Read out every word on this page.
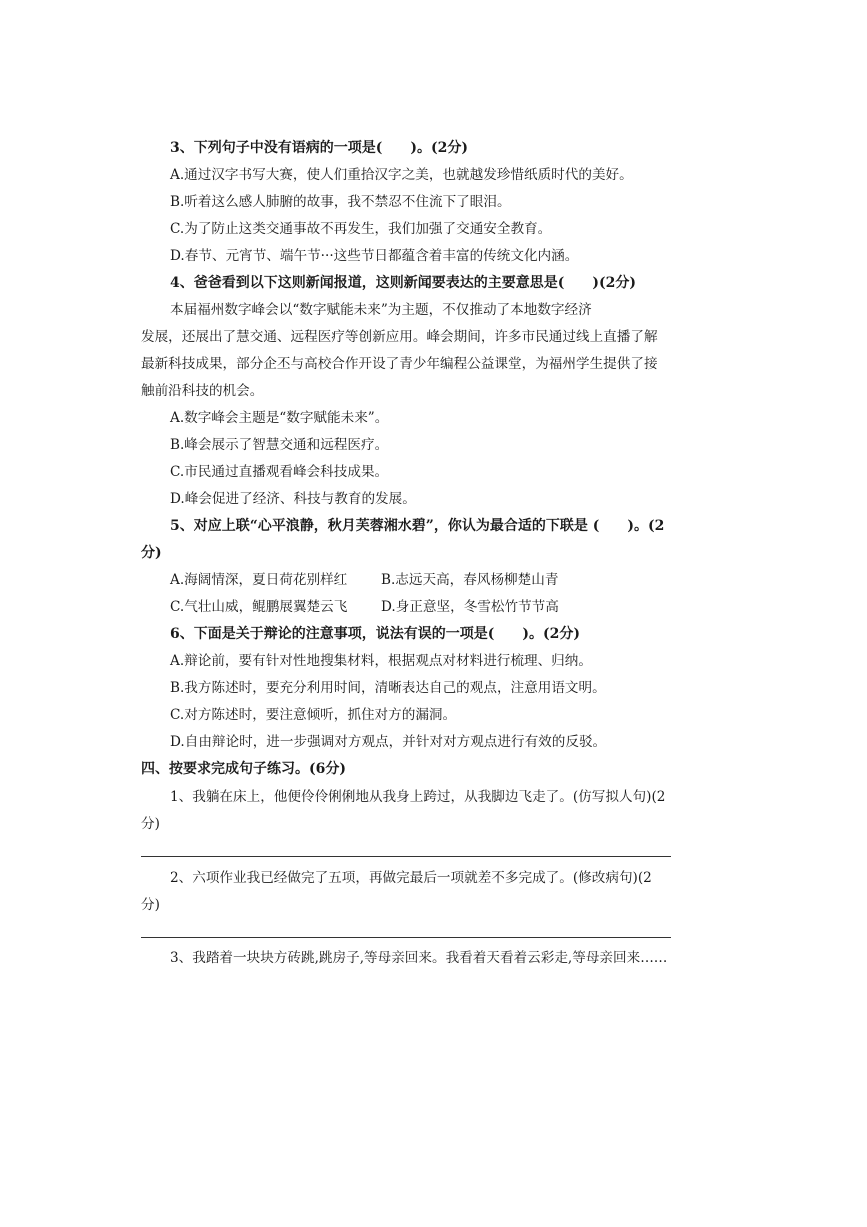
3、下列句子中没有语病的一项是(　　)。(2分)
A.通过汉字书写大赛，使人们重拾汉字之美，也就越发珍惜纸质时代的美好。
B.听着这么感人肺腑的故事，我不禁忍不住流下了眼泪。
C.为了防止这类交通事故不再发生，我们加强了交通安全教育。
D.春节、元宵节、端午节···这些节日都蕴含着丰富的传统文化内涵。
4、爸爸看到以下这则新闻报道，这则新闻要表达的主要意思是(　　)(2分)
本届福州数字峰会以“数字赋能未来”为主题，不仅推动了本地数字经济
发展，还展出了慧交通、远程医疗等创新应用。峰会期间，许多市民通过线上直播了解
最新科技成果，部分企丕与高校合作开设了青少年编程公益课堂，为福州学生提供了接
触前沿科技的机会。
A.数字峰会主题是“数字赋能未来”。
B.峰会展示了智慧交通和远程医疗。
C.市民通过直播观看峰会科技成果。
D.峰会促进了经济、科技与教育的发展。
5、对应上联“心平浪静，秋月芙蓉湘水碧”，你认为最合适的下联是 (　　)。(2
分)
A.海阔情深，夏日荷花别样红 B.志远天高，春风杨柳楚山青
C.气壮山威，鲲鹏展翼楚云飞 D.身正意坚，冬雪松竹节节高
6、下面是关于辩论的注意事项，说法有误的一项是(　　)。(2分)
A.辩论前，要有针对性地搜集材料，根据观点对材料进行梳理、归纳。
B.我方陈述时，要充分利用时间，清晰表达自己的观点，注意用语文明。
C.对方陈述时，要注意倾听，抓住对方的漏洞。
D.自由辩论时，进一步强调对方观点，并针对对方观点进行有效的反驳。
四、按要求完成句子练习。(6分)
1、我躺在床上，他便伶伶俐俐地从我身上跨过，从我脚边飞走了。(仿写拟人句)(2
分)
2、六项作业我已经做完了五项，再做完最后一项就差不多完成了。(修改病句)(2
分)
3、我踏着一块块方砖跳,跳房子,等母亲回来。我看着天看着云彩走,等母亲回来……
